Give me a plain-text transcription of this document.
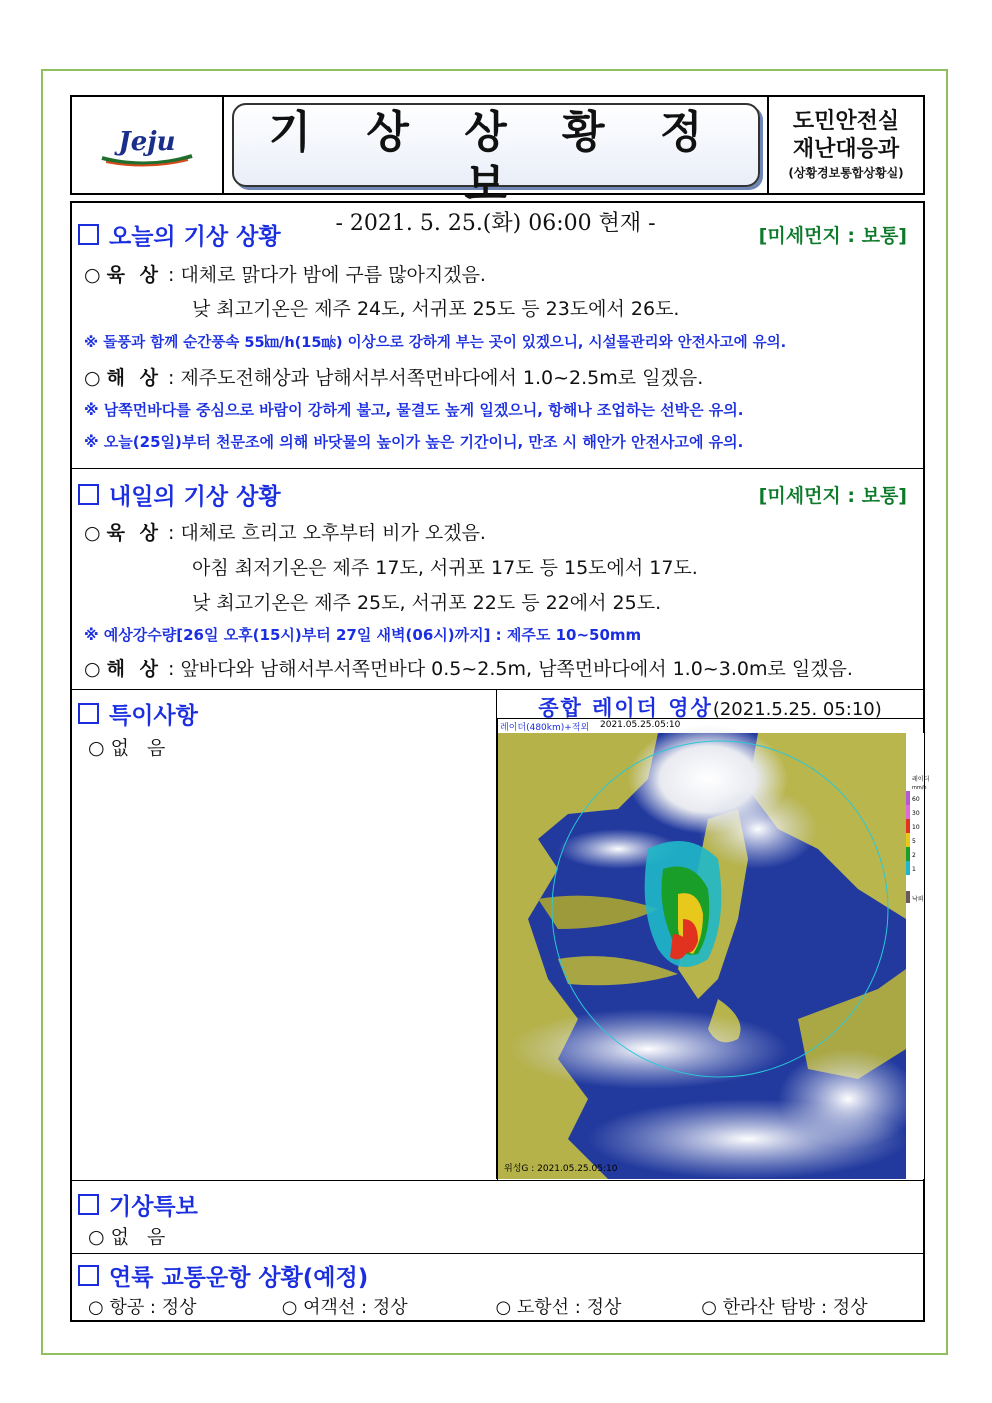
Jeju	기 상 상 황 정 보
- 2021. 5. 25.(화) 06:00 현재 -
도민안전실
재난대응과
(상황경보통합상황실)
오늘의 기상 상황	[미세먼지 : 보통]
○ 육 상 : 대체로 맑다가 밤에 구름 많아지겠음.
낮 최고기온은 제주 24도, 서귀포 25도 등 23도에서 26도.
※ 돌풍과 함께 순간풍속 55㎞/h(15㎧) 이상으로 강하게 부는 곳이 있겠으니, 시설물관리와 안전사고에 유의.
○ 해 상 : 제주도전해상과 남해서부서쪽먼바다에서 1.0~2.5m로 일겠음.
※ 남쪽먼바다를 중심으로 바람이 강하게 불고, 물결도 높게 일겠으니, 항해나 조업하는 선박은 유의.
※ 오늘(25일)부터 천문조에 의해 바닷물의 높이가 높은 기간이니, 만조 시 해안가 안전사고에 유의.
내일의 기상 상황	[미세먼지 : 보통]
○ 육 상 : 대체로 흐리고 오후부터 비가 오겠음.
아침 최저기온은 제주 17도, 서귀포 17도 등 15도에서 17도.
낮 최고기온은 제주 25도, 서귀포 22도 등 22에서 25도.
※ 예상강수량[26일 오후(15시)부터 27일 새벽(06시)까지] : 제주도 10~50mm
○ 해 상 : 앞바다와 남해서부서쪽먼바다 0.5~2.5m, 남쪽먼바다에서 1.0~3.0m로 일겠음.
특이사항
○ 없 음
종합 레이더 영상(2021.5.25. 05:10)
레이더(480km)+적외 2021.05.25.05:10
레이더
mm/h
60
30
10
5
2
1
낙뢰
위성G : 2021.05.25.05:10
기상특보
○ 없 음
연륙 교통운항 상황(예정)
○ 항공 : 정상	○ 여객선 : 정상	○ 도항선 : 정상	○ 한라산 탐방 : 정상
